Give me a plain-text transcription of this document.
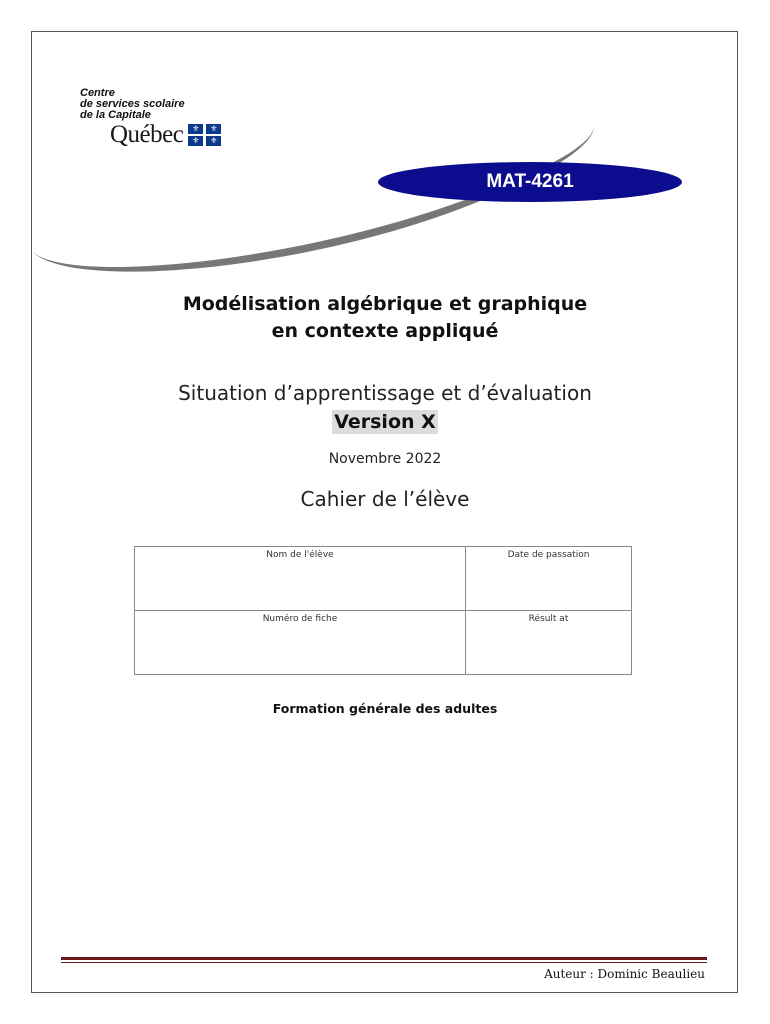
Centre
de services scolaire
de la Capitale
Québec	⚜	⚜
⚜	⚜
MAT-4261
Modélisation algébrique et graphique
en contexte appliqué
Situation d’apprentissage et d’évaluation
Version X
Novembre 2022
Cahier de l’élève
Nom de l'élève	Date de passation
Numéro de fiche	Résult at
Formation générale des adultes
Auteur : Dominic Beaulieu
